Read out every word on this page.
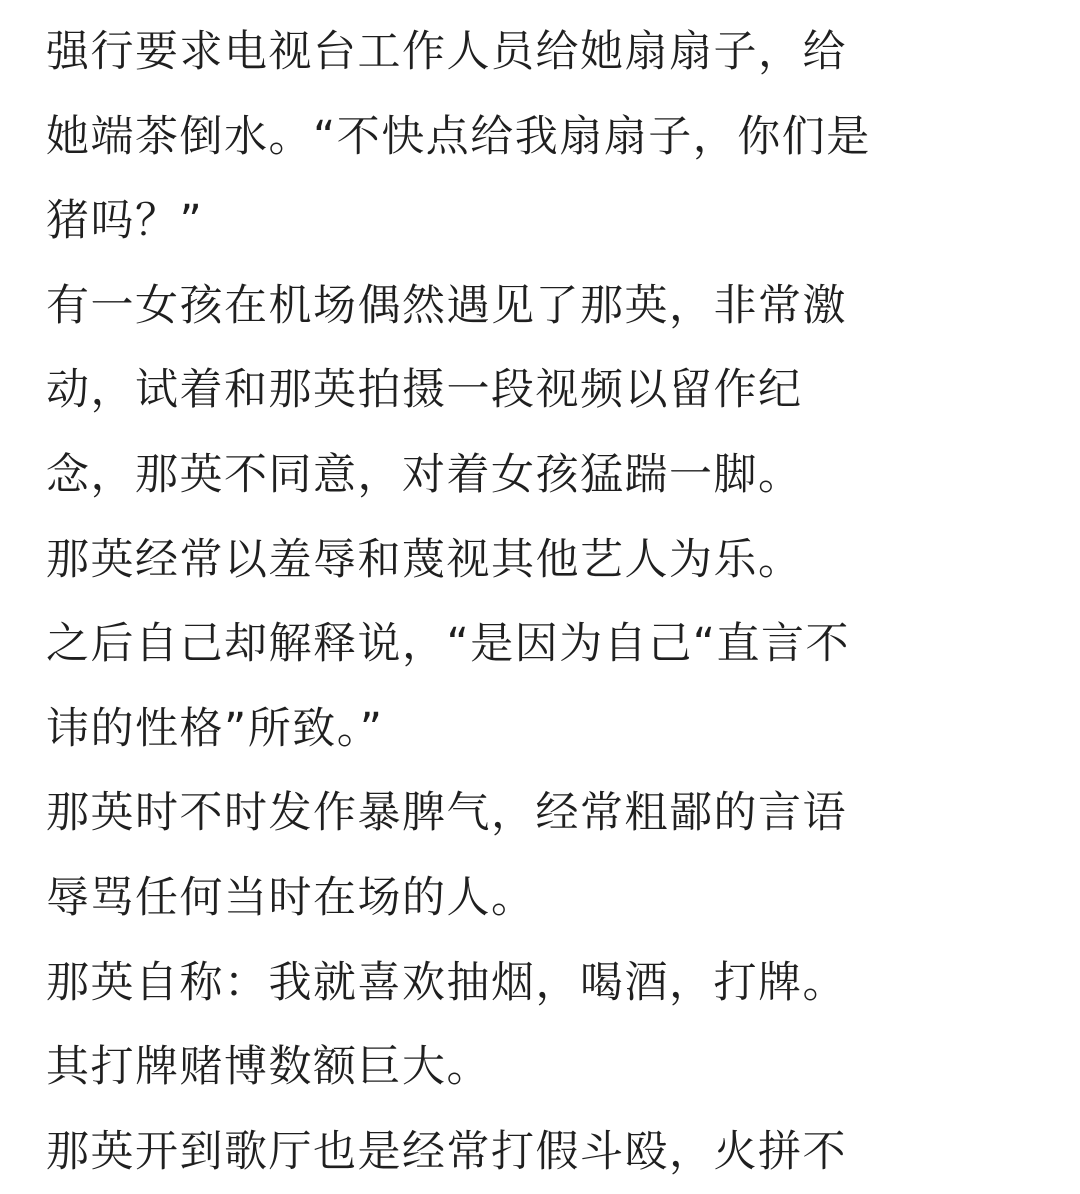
强行要求电视台工作人员给她扇扇子，给
她端茶倒水。“不快点给我扇扇子，你们是
猪吗？”
有一女孩在机场偶然遇见了那英，非常激
动，试着和那英拍摄一段视频以留作纪
念，那英不同意，对着女孩猛踹一脚。
那英经常以羞辱和蔑视其他艺人为乐。
之后自己却解释说，“是因为自己“直言不
讳的性格”所致。”
那英时不时发作暴脾气，经常粗鄙的言语
辱骂任何当时在场的人。
那英自称：我就喜欢抽烟，喝酒，打牌。
其打牌赌博数额巨大。
那英开到歌厅也是经常打假斗殴，火拼不
